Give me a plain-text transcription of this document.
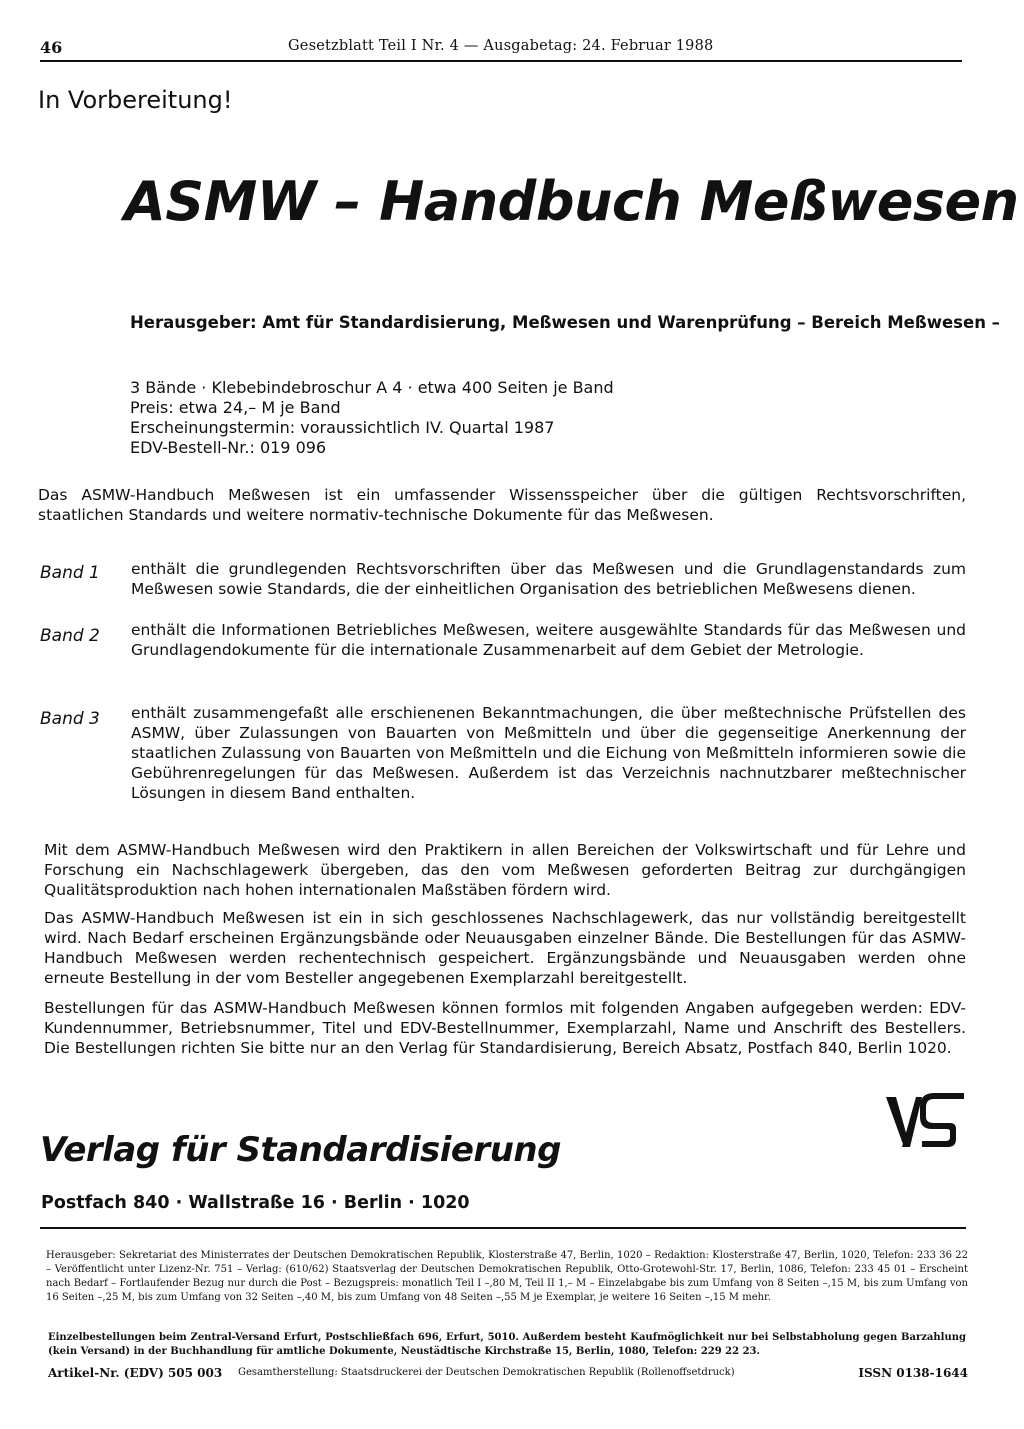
46	Gesetzblatt Teil I Nr. 4 — Ausgabetag: 24. Februar 1988
In Vorbereitung!
ASMW – Handbuch Meßwesen
Herausgeber: Amt für Standardisierung, Meßwesen und Warenprüfung – Bereich Meßwesen –
3 Bände · Klebebindebroschur A 4 · etwa 400 Seiten je Band
Preis: etwa 24,– M je Band
Erscheinungstermin: voraussichtlich IV. Quartal 1987
EDV-Bestell-Nr.: 019 096
Das ASMW-Handbuch Meßwesen ist ein umfassender Wissensspeicher über die gültigen Rechtsvorschriften, staatlichen Standards und weitere normativ-technische Dokumente für das Meßwesen.
Band 1 enthält die grundlegenden Rechtsvorschriften über das Meßwesen und die Grundlagenstandards zum Meßwesen sowie Standards, die der einheitlichen Organisation des betrieblichen Meßwesens dienen.
Band 2 enthält die Informationen Betriebliches Meßwesen, weitere ausgewählte Standards für das Meßwesen und Grundlagendokumente für die internationale Zusammenarbeit auf dem Gebiet der Metrologie.
Band 3 enthält zusammengefaßt alle erschienenen Bekanntmachungen, die über meßtechnische Prüfstellen des ASMW, über Zulassungen von Bauarten von Meßmitteln und über die gegenseitige Anerkennung der staatlichen Zulassung von Bauarten von Meßmitteln und die Eichung von Meßmitteln informieren sowie die Gebührenregelungen für das Meßwesen. Außerdem ist das Verzeichnis nachnutzbarer meßtechnischer Lösungen in diesem Band enthalten.
Mit dem ASMW-Handbuch Meßwesen wird den Praktikern in allen Bereichen der Volkswirtschaft und für Lehre und Forschung ein Nachschlagewerk übergeben, das den vom Meßwesen geforderten Beitrag zur durchgängigen Qualitätsproduktion nach hohen internationalen Maßstäben fördern wird.
Das ASMW-Handbuch Meßwesen ist ein in sich geschlossenes Nachschlagewerk, das nur vollständig bereitgestellt wird. Nach Bedarf erscheinen Ergänzungsbände oder Neuausgaben einzelner Bände. Die Bestellungen für das ASMW-Handbuch Meßwesen werden rechentechnisch gespeichert. Ergänzungsbände und Neuausgaben werden ohne erneute Bestellung in der vom Besteller angegebenen Exemplarzahl bereitgestellt.
Bestellungen für das ASMW-Handbuch Meßwesen können formlos mit folgenden Angaben aufgegeben werden: EDV-Kundennummer, Betriebsnummer, Titel und EDV-Bestellnummer, Exemplarzahl, Name und Anschrift des Bestellers. Die Bestellungen richten Sie bitte nur an den Verlag für Standardisierung, Bereich Absatz, Postfach 840, Berlin 1020.
Verlag für Standardisierung
Postfach 840 · Wallstraße 16 · Berlin · 1020
Herausgeber: Sekretariat des Ministerrates der Deutschen Demokratischen Republik, Klosterstraße 47, Berlin, 1020 – Redaktion: Klosterstraße 47, Berlin, 1020, Telefon: 233 36 22 – Veröffentlicht unter Lizenz-Nr. 751 – Verlag: (610/62) Staatsverlag der Deutschen Demokratischen Republik, Otto-Grotewohl-Str. 17, Berlin, 1086, Telefon: 233 45 01 – Erscheint nach Bedarf – Fortlaufender Bezug nur durch die Post – Bezugspreis: monatlich Teil I –,80 M, Teil II 1,– M – Einzelabgabe bis zum Umfang von 8 Seiten –,15 M, bis zum Umfang von 16 Seiten –,25 M, bis zum Umfang von 32 Seiten –,40 M, bis zum Umfang von 48 Seiten –,55 M je Exemplar, je weitere 16 Seiten –,15 M mehr.
Einzelbestellungen beim Zentral-Versand Erfurt, Postschließfach 696, Erfurt, 5010. Außerdem besteht Kaufmöglichkeit nur bei Selbstabholung gegen Barzahlung (kein Versand) in der Buchhandlung für amtliche Dokumente, Neustädtische Kirchstraße 15, Berlin, 1080, Telefon: 229 22 23.
Artikel-Nr. (EDV) 505 003 Gesamtherstellung: Staatsdruckerei der Deutschen Demokratischen Republik (Rollenoffsetdruck)	ISSN 0138-1644
